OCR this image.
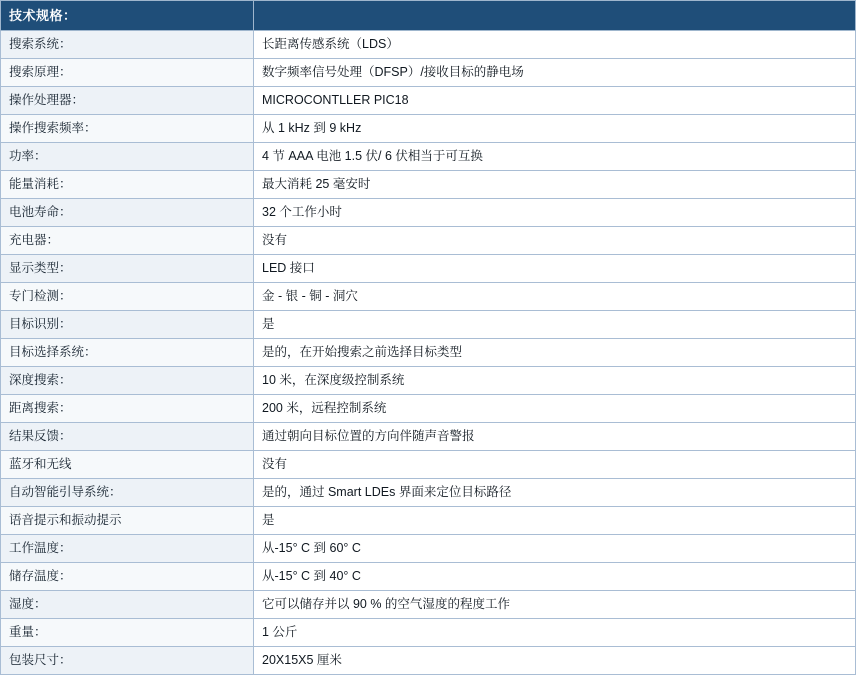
技术规格：	
搜索系统：	长距离传感系统（LDS）
搜索原理：	数字频率信号处理（DFSP）/接收目标的静电场
操作处理器：	MICROCONTLLER PIC18
操作搜索频率：	从 1 kHz 到 9 kHz
功率：	4 节 AAA 电池 1.5 伏/ 6 伏相当于可互换
能量消耗：	最大消耗 25 毫安时
电池寿命：	32 个工作小时
充电器：	没有
显示类型：	LED 接口
专门检测：	金 - 银 - 铜 - 洞穴
目标识别：	是
目标选择系统：	是的，在开始搜索之前选择目标类型
深度搜索：	10 米，在深度级控制系统
距离搜索：	200 米，远程控制系统
结果反馈：	通过朝向目标位置的方向伴随声音警报
蓝牙和无线	没有
自动智能引导系统：	是的，通过 Smart LDEs 界面来定位目标路径
语音提示和振动提示	是
工作温度：	从-15° C 到 60° C
储存温度：	从-15° C 到 40° C
湿度：	它可以储存并以 90 % 的空气湿度的程度工作
重量：	1 公斤
包装尺寸：	20X15X5 厘米
